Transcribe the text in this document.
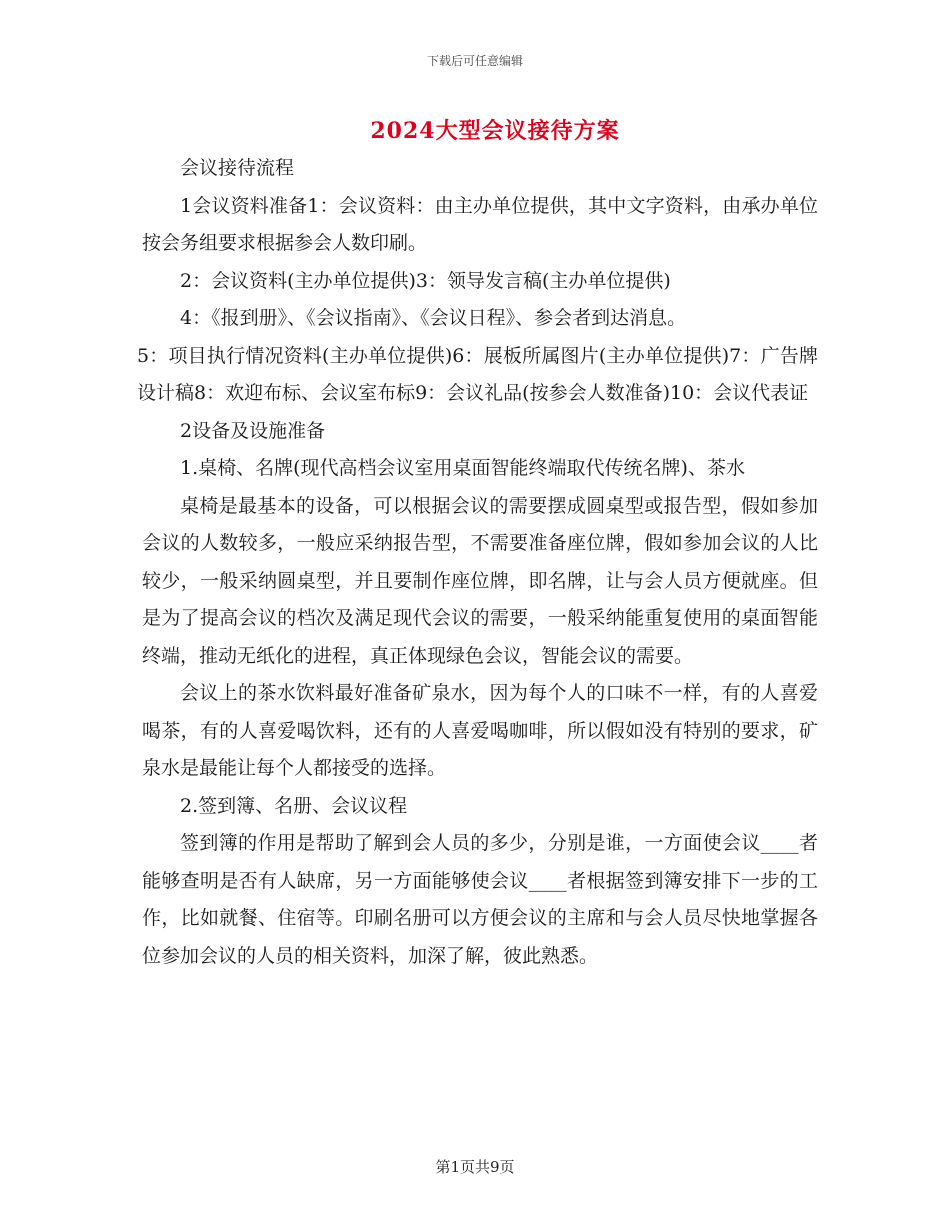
下载后可任意编辑
2024大型会议接待方案

会议接待流程

1会议资料准备1：会议资料：由主办单位提供，其中文字资料，由承办单位按会务组要求根据参会人数印刷。

2：会议资料(主办单位提供)3：领导发言稿(主办单位提供)

4：《报到册》、《会议指南》、《会议日程》、参会者到达消息。

5：项目执行情况资料(主办单位提供)6：展板所属图片(主办单位提供)7：广告牌设计稿8：欢迎布标、会议室布标9：会议礼品(按参会人数准备)10：会议代表证

2设备及设施准备

1.桌椅、名牌(现代高档会议室用桌面智能终端取代传统名牌)、茶水

桌椅是最基本的设备，可以根据会议的需要摆成圆桌型或报告型，假如参加会议的人数较多，一般应采纳报告型，不需要准备座位牌，假如参加会议的人比较少，一般采纳圆桌型，并且要制作座位牌，即名牌，让与会人员方便就座。但是为了提高会议的档次及满足现代会议的需要，一般采纳能重复使用的桌面智能终端，推动无纸化的进程，真正体现绿色会议，智能会议的需要。

会议上的茶水饮料最好准备矿泉水，因为每个人的口味不一样，有的人喜爱喝茶，有的人喜爱喝饮料，还有的人喜爱喝咖啡，所以假如没有特别的要求，矿泉水是最能让每个人都接受的选择。

2.签到簿、名册、会议议程

签到簿的作用是帮助了解到会人员的多少，分别是谁，一方面使会议____者能够查明是否有人缺席，另一方面能够使会议____者根据签到簿安排下一步的工作，比如就餐、住宿等。印刷名册可以方便会议的主席和与会人员尽快地掌握各位参加会议的人员的相关资料，加深了解，彼此熟悉。

第1页共9页
